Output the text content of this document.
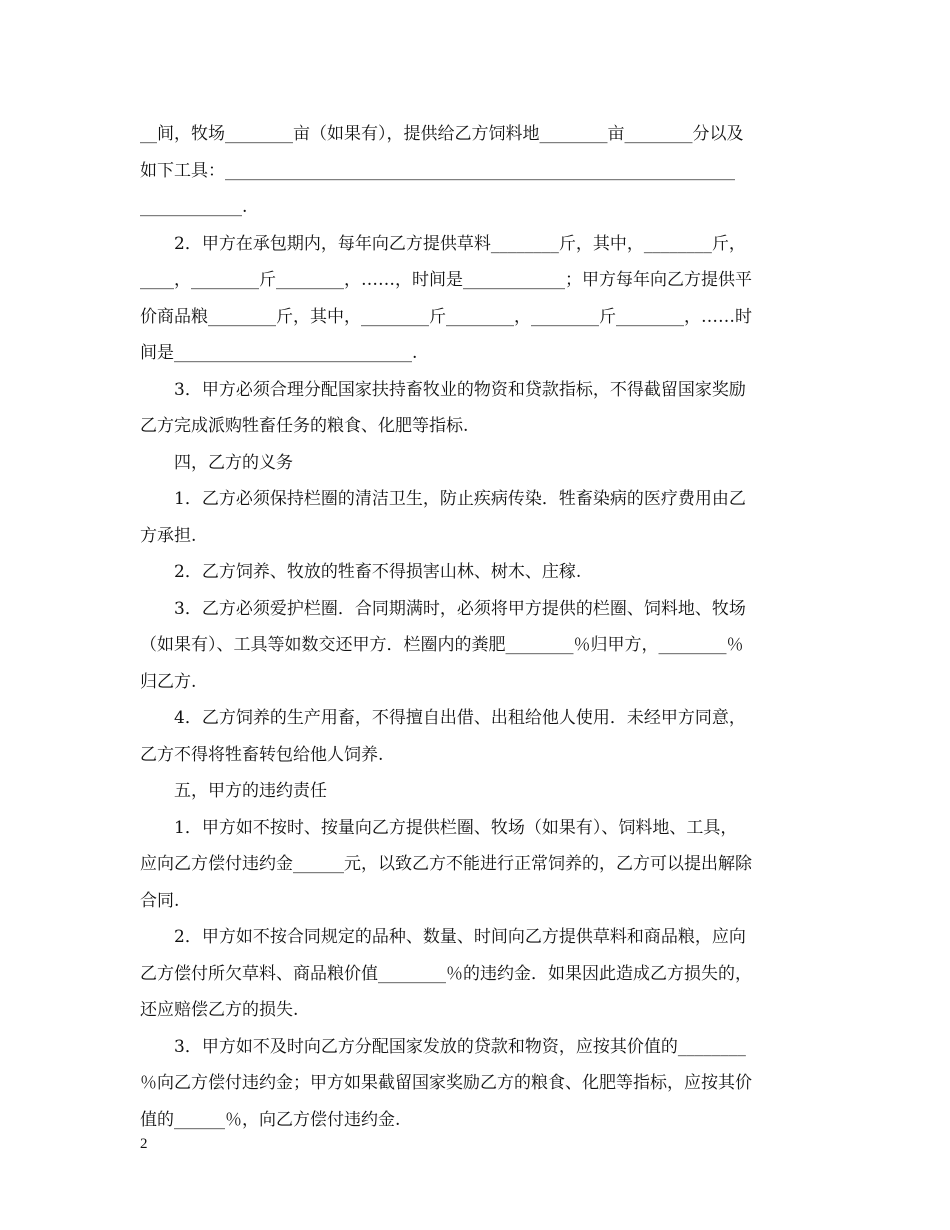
__间，牧场________亩（如果有），提供给乙方饲料地________亩________分以及
如下工具：____________________________________________________________
____________.
2．甲方在承包期内，每年向乙方提供草料________斤，其中，________斤，
____，________斤________，……，时间是____________；甲方每年向乙方提供平
价商品粮________斤，其中，________斤________，________斤________，……时
间是____________________________.
3．甲方必须合理分配国家扶持畜牧业的物资和贷款指标，不得截留国家奖励
乙方完成派购牲畜任务的粮食、化肥等指标.
四，乙方的义务
1．乙方必须保持栏圈的清洁卫生，防止疾病传染．牲畜染病的医疗费用由乙
方承担.
2．乙方饲养、牧放的牲畜不得损害山林、树木、庄稼.
3．乙方必须爱护栏圈．合同期满时，必须将甲方提供的栏圈、饲料地、牧场
（如果有）、工具等如数交还甲方．栏圈内的粪肥________％归甲方，________％
归乙方.
4．乙方饲养的生产用畜，不得擅自出借、出租给他人使用．未经甲方同意，
乙方不得将牲畜转包给他人饲养.
五，甲方的违约责任
1．甲方如不按时、按量向乙方提供栏圈、牧场（如果有）、饲料地、工具，
应向乙方偿付违约金______元，以致乙方不能进行正常饲养的，乙方可以提出解除
合同.
2．甲方如不按合同规定的品种、数量、时间向乙方提供草料和商品粮，应向
乙方偿付所欠草料、商品粮价值________％的违约金．如果因此造成乙方损失的，
还应赔偿乙方的损失.
3．甲方如不及时向乙方分配国家发放的贷款和物资，应按其价值的________
％向乙方偿付违约金；甲方如果截留国家奖励乙方的粮食、化肥等指标，应按其价
值的______％，向乙方偿付违约金.
2
